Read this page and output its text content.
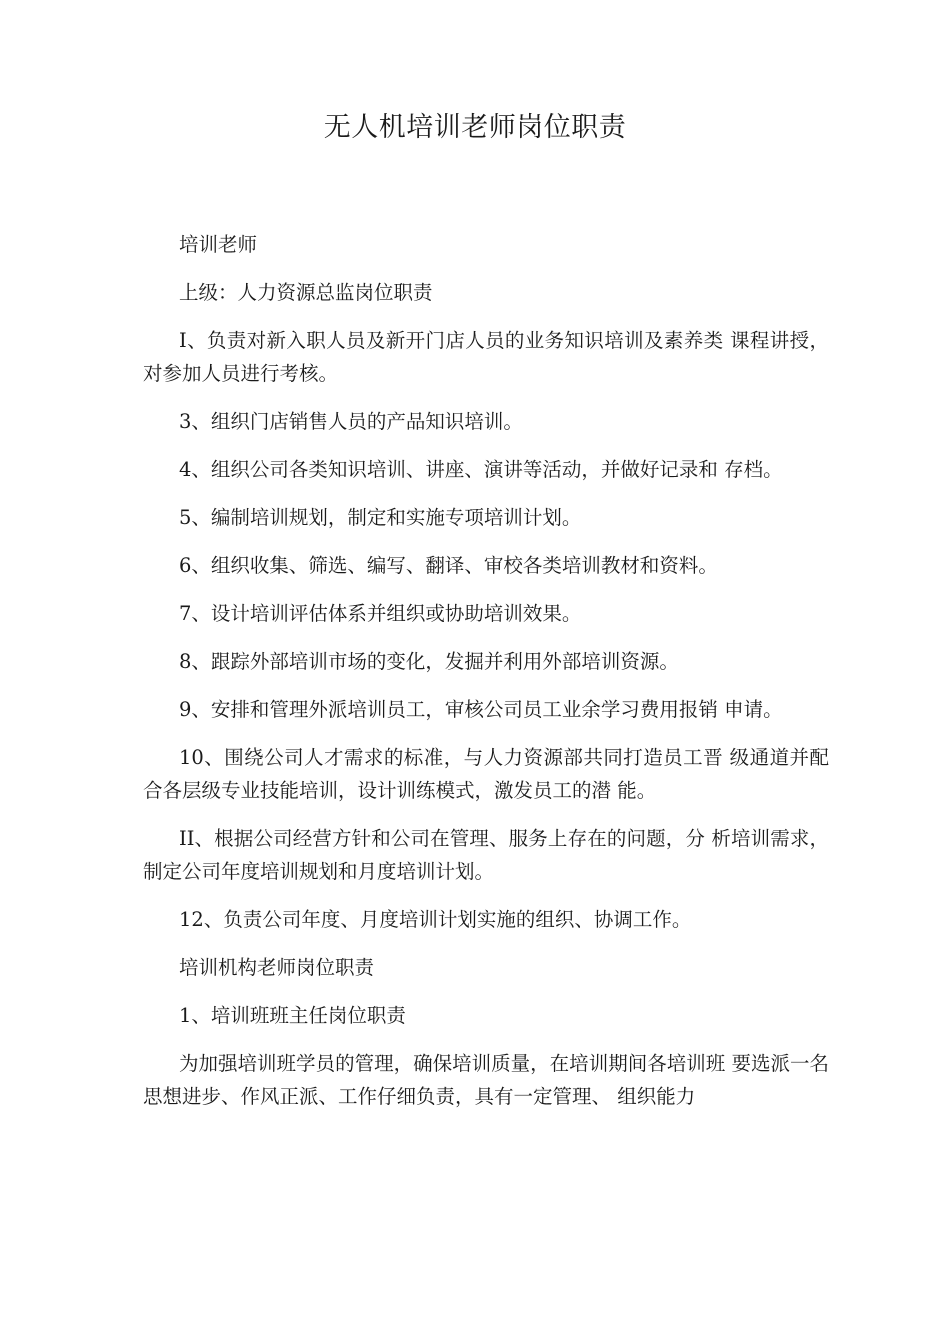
无人机培训老师岗位职责

培训老师

上级：人力资源总监岗位职责

I、负责对新入职人员及新开门店人员的业务知识培训及素养类 课程讲授，对参加人员进行考核。

3、组织门店销售人员的产品知识培训。

4、组织公司各类知识培训、讲座、演讲等活动，并做好记录和 存档。

5、编制培训规划，制定和实施专项培训计划。

6、组织收集、筛选、编写、翻译、审校各类培训教材和资料。

7、设计培训评估体系并组织或协助培训效果。

8、跟踪外部培训市场的变化，发掘并利用外部培训资源。

9、安排和管理外派培训员工，审核公司员工业余学习费用报销 申请。

10、围绕公司人才需求的标准，与人力资源部共同打造员工晋 级通道并配合各层级专业技能培训，设计训练模式，激发员工的潜 能。

II、根据公司经营方针和公司在管理、服务上存在的问题，分 析培训需求，制定公司年度培训规划和月度培训计划。

12、负责公司年度、月度培训计划实施的组织、协调工作。

培训机构老师岗位职责

1、培训班班主任岗位职责

为加强培训班学员的管理，确保培训质量，在培训期间各培训班 要选派一名思想进步、作风正派、工作仔细负责，具有一定管理、 组织能力
